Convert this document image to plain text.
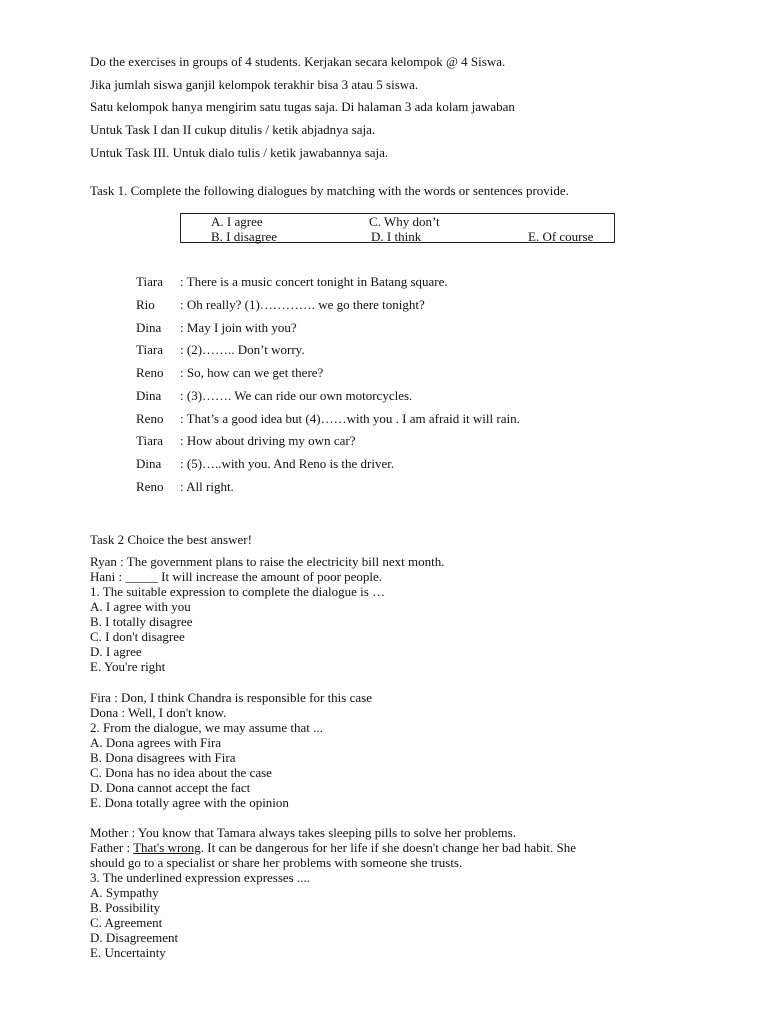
Do the exercises in groups of 4 students. Kerjakan secara kelompok @ 4 Siswa.
Jika jumlah siswa ganjil kelompok terakhir bisa 3 atau 5 siswa.
Satu kelompok hanya mengirim satu tugas saja. Di halaman 3 ada kolam jawaban
Untuk Task I dan II cukup ditulis / ketik abjadnya saja.
Untuk Task III. Untuk dialo tulis / ketik jawabannya saja.
Task 1. Complete the following dialogues by matching with the words or sentences provide.
A. I agree	C. Why don’t
B. I disagree	D. I think	E. Of course
Tiara : There is a music concert tonight in Batang square.
Rio : Oh really? (1)…………. we go there tonight?
Dina : May I join with you?
Tiara : (2)…….. Don’t worry.
Reno : So, how can we get there?
Dina : (3)……. We can ride our own motorcycles.
Reno : That’s a good idea but (4)……with you . I am afraid it will rain.
Tiara : How about driving my own car?
Dina : (5)…..with you. And Reno is the driver.
Reno : All right.
Task 2 Choice the best answer!
Ryan : The government plans to raise the electricity bill next month.
Hani : _____ It will increase the amount of poor people.
1. The suitable expression to complete the dialogue is …
A. I agree with you
B. I totally disagree
C. I don't disagree
D. I agree
E. You're right
Fira : Don, I think Chandra is responsible for this case
Dona : Well, I don't know.
2. From the dialogue, we may assume that ...
A. Dona agrees with Fira
B. Dona disagrees with Fira
C. Dona has no idea about the case
D. Dona cannot accept the fact
E. Dona totally agree with the opinion
Mother : You know that Tamara always takes sleeping pills to solve her problems.
Father : That's wrong. It can be dangerous for her life if she doesn't change her bad habit. She
should go to a specialist or share her problems with someone she trusts.
3. The underlined expression expresses ....
A. Sympathy
B. Possibility
C. Agreement
D. Disagreement
E. Uncertainty
